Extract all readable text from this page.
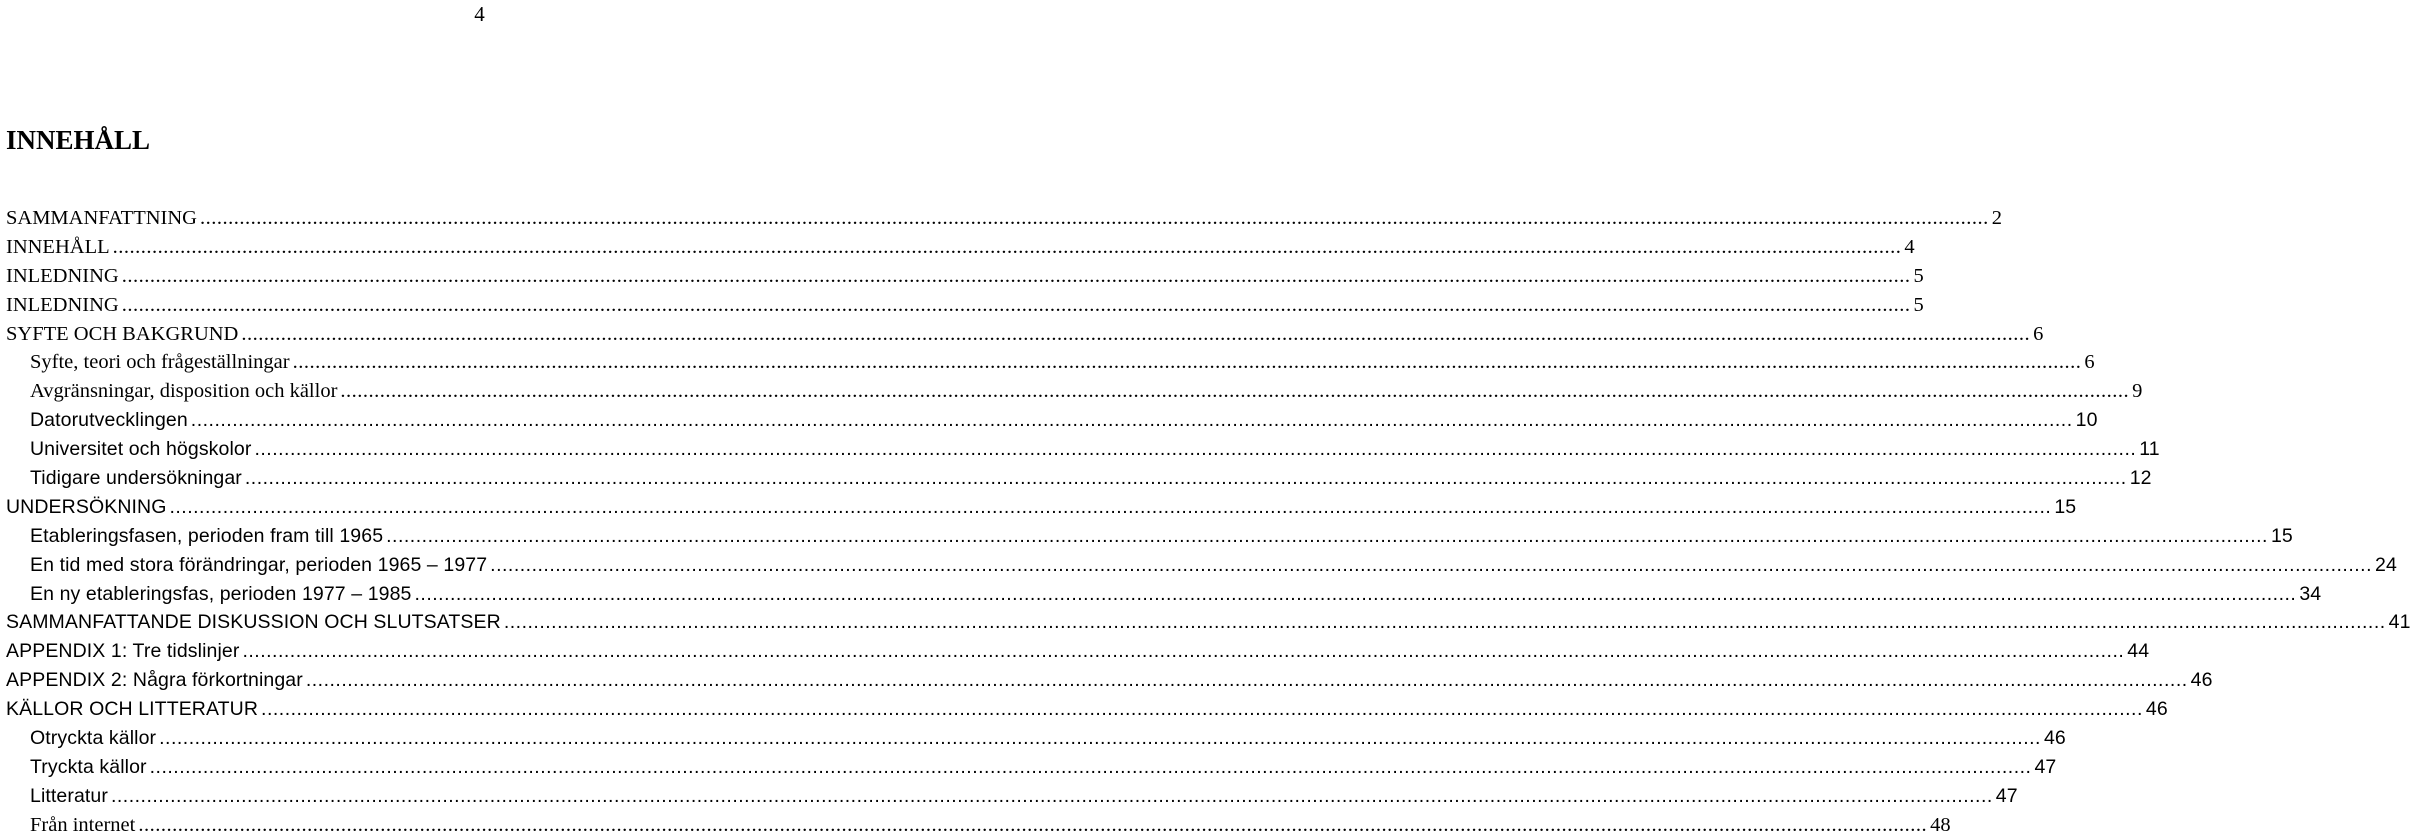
4
INNEHÅLL
SAMMANFATTNING .....	2
INNEHÅLL .....	4
INLEDNING .....	5
INLEDNING .....	5
SYFTE OCH BAKGRUND .....	6
Syfte, teori och frågeställningar .....	6
Avgränsningar, disposition och källor .....	9
Datorutvecklingen .....	10
Universitet och högskolor .....	11
Tidigare undersökningar .....	12
UNDERSÖKNING .....	15
Etableringsfasen, perioden fram till 1965 .....	15
En tid med stora förändringar, perioden 1965 – 1977 .....	24
En ny etableringsfas, perioden 1977 – 1985 .....	34
SAMMANFATTANDE DISKUSSION OCH SLUTSATSER .....	41
APPENDIX 1: Tre tidslinjer .....	44
APPENDIX 2: Några förkortningar .....	46
KÄLLOR OCH LITTERATUR .....	46
Otryckta källor .....	46
Tryckta källor .....	47
Litteratur .....	47
Från internet .....	48
